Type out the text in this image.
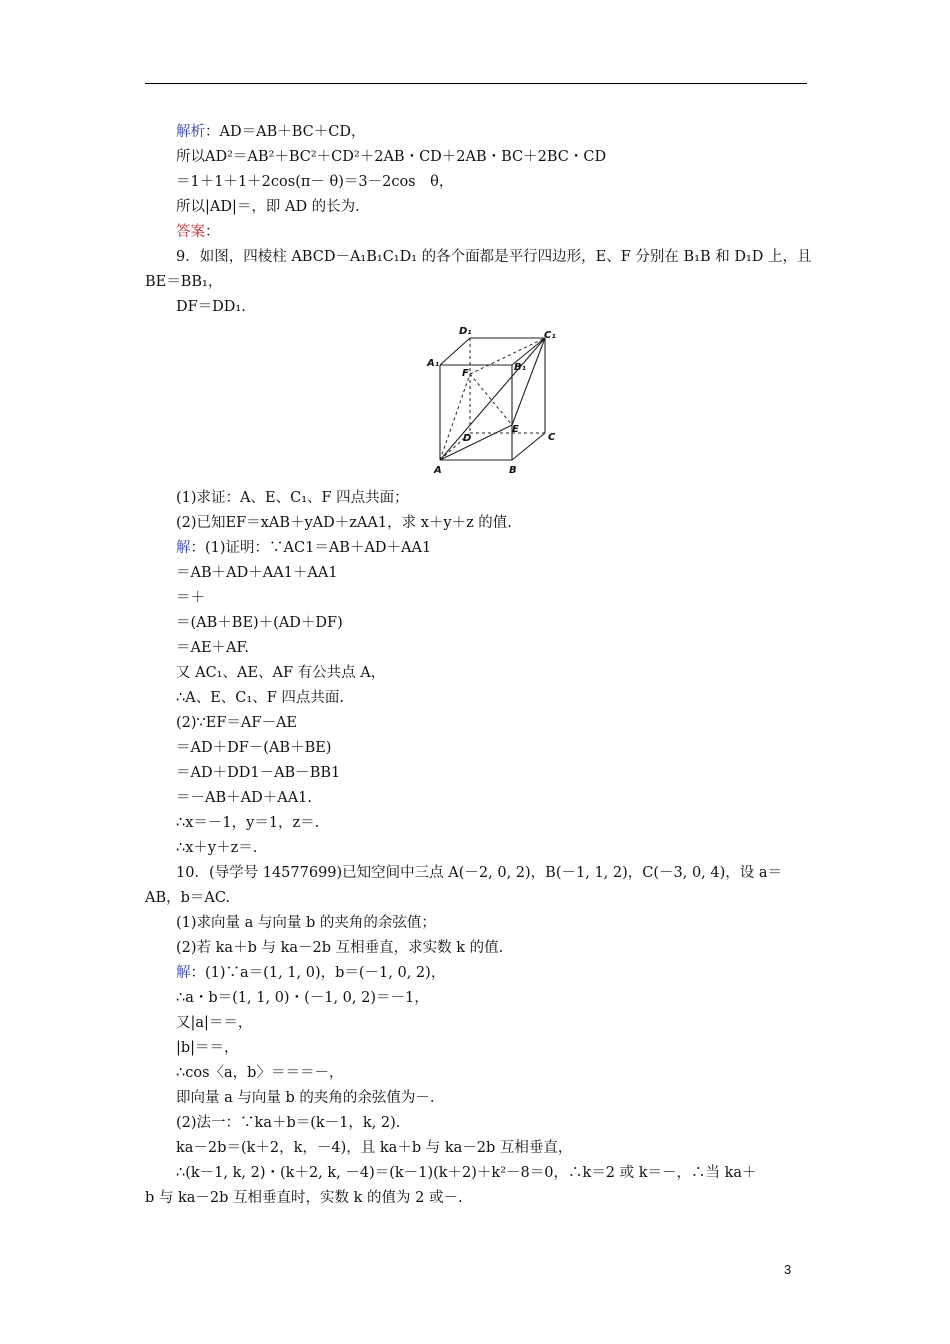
解析：AD＝AB＋BC＋CD，
所以AD²＝AB²＋BC²＋CD²＋2AB・CD＋2AB・BC＋2BC・CD
＝1＋1＋1＋2cos(π－ θ)＝3－2cos　θ，
所以|AD|＝，即 AD 的长为.
答案：
9．如图，四棱柱 ABCD－A₁B₁C₁D₁ 的各个面都是平行四边形，E、F 分别在 B₁B 和 D₁D 上，且
BE＝BB₁，
DF＝DD₁.
A	B
C
D
A₁	B₁
C₁
D₁
E
F
(1)求证：A、E、C₁、F 四点共面；
(2)已知EF＝xAB＋yAD＋zAA1，求 x＋y＋z 的值.
解：(1)证明：∵AC1＝AB＋AD＋AA1
＝AB＋AD＋AA1＋AA1
＝＋
＝(AB＋BE)＋(AD＋DF)
＝AE＋AF.
又 AC₁、AE、AF 有公共点 A，
∴A、E、C₁、F 四点共面.
(2)∵EF＝AF－AE
＝AD＋DF－(AB＋BE)
＝AD＋DD1－AB－BB1
＝－AB＋AD＋AA1.
∴x＝－1，y＝1，z＝.
∴x＋y＋z＝.
10．(导学号 14577699)已知空间中三点 A(－2, 0, 2)，B(－1, 1, 2)，C(－3, 0, 4)，设 a＝
AB，b＝AC.
(1)求向量 a 与向量 b 的夹角的余弦值；
(2)若 ka＋b 与 ka－2b 互相垂直，求实数 k 的值.
解：(1)∵a＝(1, 1, 0)，b＝(－1, 0, 2)，
∴a・b＝(1, 1, 0)・(－1, 0, 2)＝－1，
又|a|＝＝，
|b|＝＝，
∴cos〈a，b〉＝＝＝－，
即向量 a 与向量 b 的夹角的余弦值为－.
(2)法一：∵ka＋b＝(k－1，k, 2).
ka－2b＝(k＋2，k，－4)，且 ka＋b 与 ka－2b 互相垂直，
∴(k－1, k, 2)・(k＋2, k, －4)＝(k－1)(k＋2)＋k²－8＝0，∴k＝2 或 k＝－，∴当 ka＋
b 与 ka－2b 互相垂直时，实数 k 的值为 2 或－.
3
